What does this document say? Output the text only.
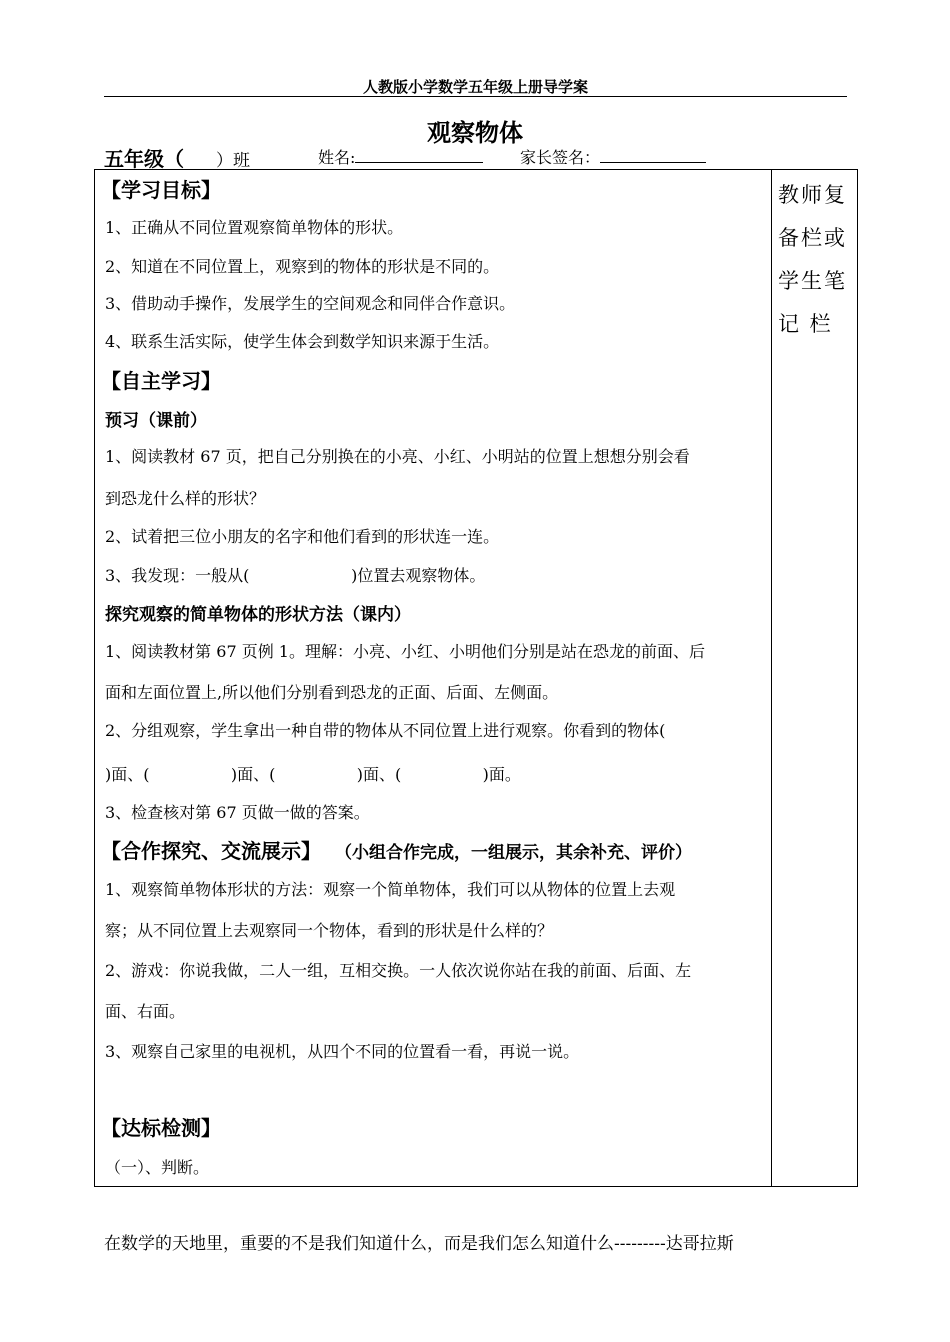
人教版小学数学五年级上册导学案
观察物体
五年级（ ）班	姓名:	家长签名：
教师复
备栏或
学生笔
记 栏
【学习目标】
1、正确从不同位置观察简单物体的形状。
2、知道在不同位置上，观察到的物体的形状是不同的。
3、借助动手操作，发展学生的空间观念和同伴合作意识。
4、联系生活实际，使学生体会到数学知识来源于生活。
【自主学习】
预习（课前）
1、阅读教材 67 页，把自己分别换在的小亮、小红、小明站的位置上想想分别会看
到恐龙什么样的形状？
2、试着把三位小朋友的名字和他们看到的形状连一连。
3、我发现：一般从(                    )位置去观察物体。
探究观察的简单物体的形状方法（课内）
1、阅读教材第 67 页例 1。理解：小亮、小红、小明他们分别是站在恐龙的前面、后
面和左面位置上,所以他们分别看到恐龙的正面、后面、左侧面。
2、分组观察，学生拿出一种自带的物体从不同位置上进行观察。你看到的物体(
)面、(                )面、(                )面、(                )面。
3、检查核对第 67 页做一做的答案。
【合作探究、交流展示】 （小组合作完成，一组展示，其余补充、评价）
1、观察简单物体形状的方法：观察一个简单物体，我们可以从物体的位置上去观
察；从不同位置上去观察同一个物体，看到的形状是什么样的？
2、游戏：你说我做，二人一组，互相交换。一人依次说你站在我的前面、后面、左
面、右面。
3、观察自己家里的电视机，从四个不同的位置看一看，再说一说。
【达标检测】
（一）、判断。
在数学的天地里，重要的不是我们知道什么，而是我们怎么知道什么---------达哥拉斯
